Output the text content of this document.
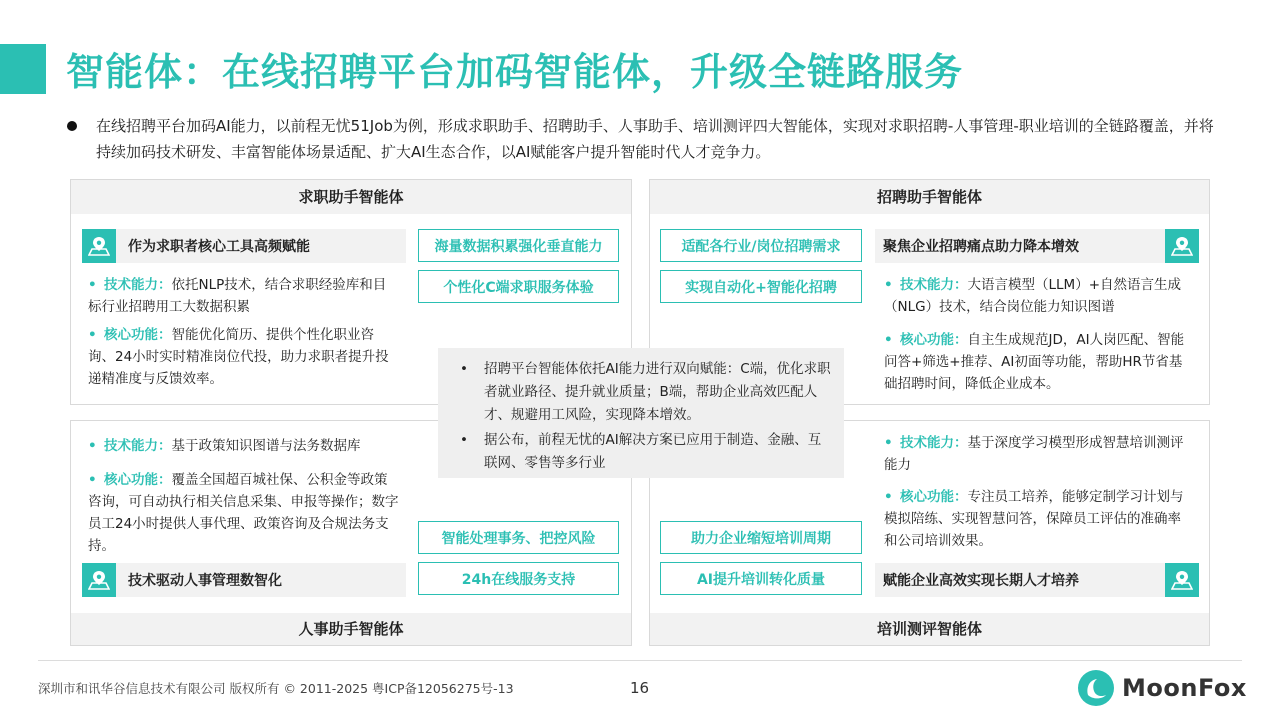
智能体：在线招聘平台加码智能体，升级全链路服务
在线招聘平台加码AI能力，以前程无忧51Job为例，形成求职助手、招聘助手、人事助手、培训测评四大智能体，实现对求职招聘-人事管理-职业培训的全链路覆盖，并将持续加码技术研发、丰富智能体场景适配、扩大AI生态合作，以AI赋能客户提升智能时代人才竞争力。
求职助手智能体
作为求职者核心工具高频赋能	海量数据积累强化垂直能力
个性化C端求职服务体验
• 技术能力：依托NLP技术，结合求职经验库和目标行业招聘用工大数据积累
• 核心功能：智能优化简历、提供个性化职业咨询、24小时实时精准岗位代投，助力求职者提升投递精准度与反馈效率。
招聘助手智能体
适配各行业/岗位招聘需求
实现自动化+智能化招聘
聚焦企业招聘痛点助力降本增效
• 技术能力：大语言模型（LLM）+自然语言生成（NLG）技术，结合岗位能力知识图谱
• 核心功能：自主生成规范JD，AI人岗匹配、智能问答+筛选+推荐、AI初面等功能，帮助HR节省基础招聘时间，降低企业成本。
人事助手智能体
• 技术能力：基于政策知识图谱与法务数据库
• 核心功能：覆盖全国超百城社保、公积金等政策咨询，可自动执行相关信息采集、申报等操作；数字员工24小时提供人事代理、政策咨询及合规法务支持。	智能处理事务、把控风险
24h在线服务支持
技术驱动人事管理数智化
培训测评智能体
• 技术能力：基于深度学习模型形成智慧培训测评能力
• 核心功能：专注员工培养，能够定制学习计划与模拟陪练、实现智慧问答，保障员工评估的准确率和公司培训效果。
助力企业缩短培训周期
AI提升培训转化质量	赋能企业高效实现长期人才培养
• 招聘平台智能体依托AI能力进行双向赋能：C端，优化求职者就业路径、提升就业质量；B端，帮助企业高效匹配人才、规避用工风险，实现降本增效。
• 据公布，前程无忧的AI解决方案已应用于制造、金融、互联网、零售等多行业
深圳市和讯华谷信息技术有限公司 版权所有 © 2011-2025 粤ICP备12056275号-13	16	MoonFox
